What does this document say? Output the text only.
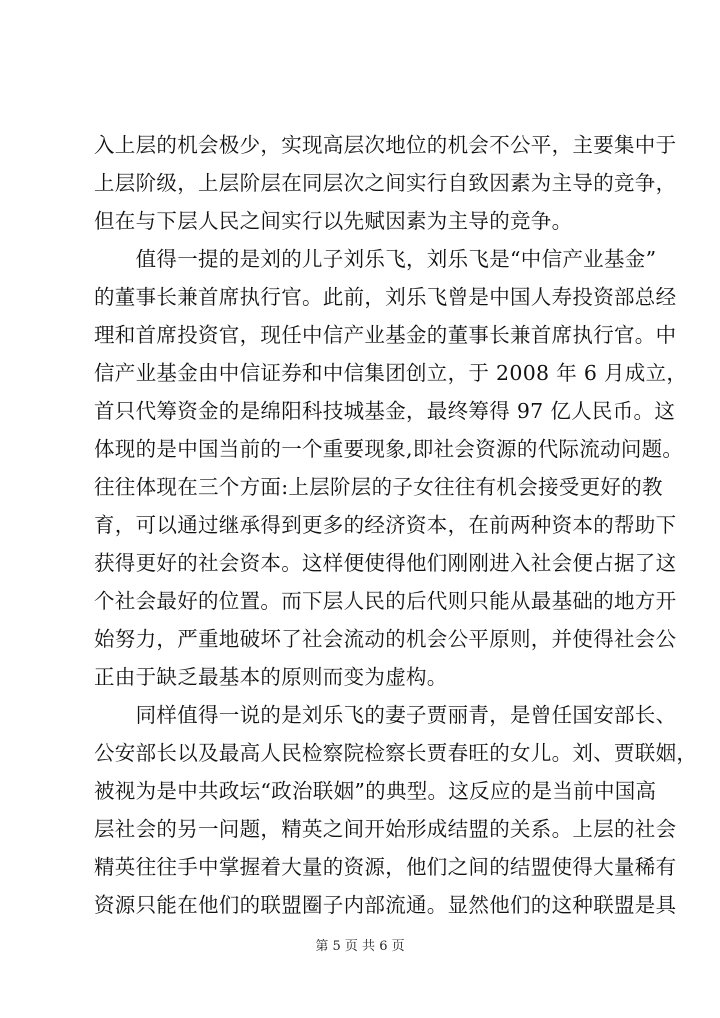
入上层的机会极少，实现高层次地位的机会不公平，主要集中于
上层阶级，上层阶层在同层次之间实行自致因素为主导的竞争，
但在与下层人民之间实行以先赋因素为主导的竞争。
　　值得一提的是刘的儿子刘乐飞，刘乐飞是“中信产业基金”
的董事长兼首席执行官。此前，刘乐飞曾是中国人寿投资部总经
理和首席投资官，现任中信产业基金的董事长兼首席执行官。中
信产业基金由中信证券和中信集团创立，于 2008 年 6 月成立，
首只代筹资金的是绵阳科技城基金，最终筹得 97 亿人民币。这
体现的是中国当前的一个重要现象,即社会资源的代际流动问题。
往往体现在三个方面:上层阶层的子女往往有机会接受更好的教
育，可以通过继承得到更多的经济资本，在前两种资本的帮助下
获得更好的社会资本。这样便使得他们刚刚进入社会便占据了这
个社会最好的位置。而下层人民的后代则只能从最基础的地方开
始努力，严重地破坏了社会流动的机会公平原则，并使得社会公
正由于缺乏最基本的原则而变为虚构。
　　同样值得一说的是刘乐飞的妻子贾丽青，是曾任国安部长、
公安部长以及最高人民检察院检察长贾春旺的女儿。刘、贾联姻，
被视为是中共政坛“政治联姻”的典型。这反应的是当前中国高
层社会的另一问题，精英之间开始形成结盟的关系。上层的社会
精英往往手中掌握着大量的资源，他们之间的结盟使得大量稀有
资源只能在他们的联盟圈子内部流通。显然他们的这种联盟是具
第 5 页 共 6 页
